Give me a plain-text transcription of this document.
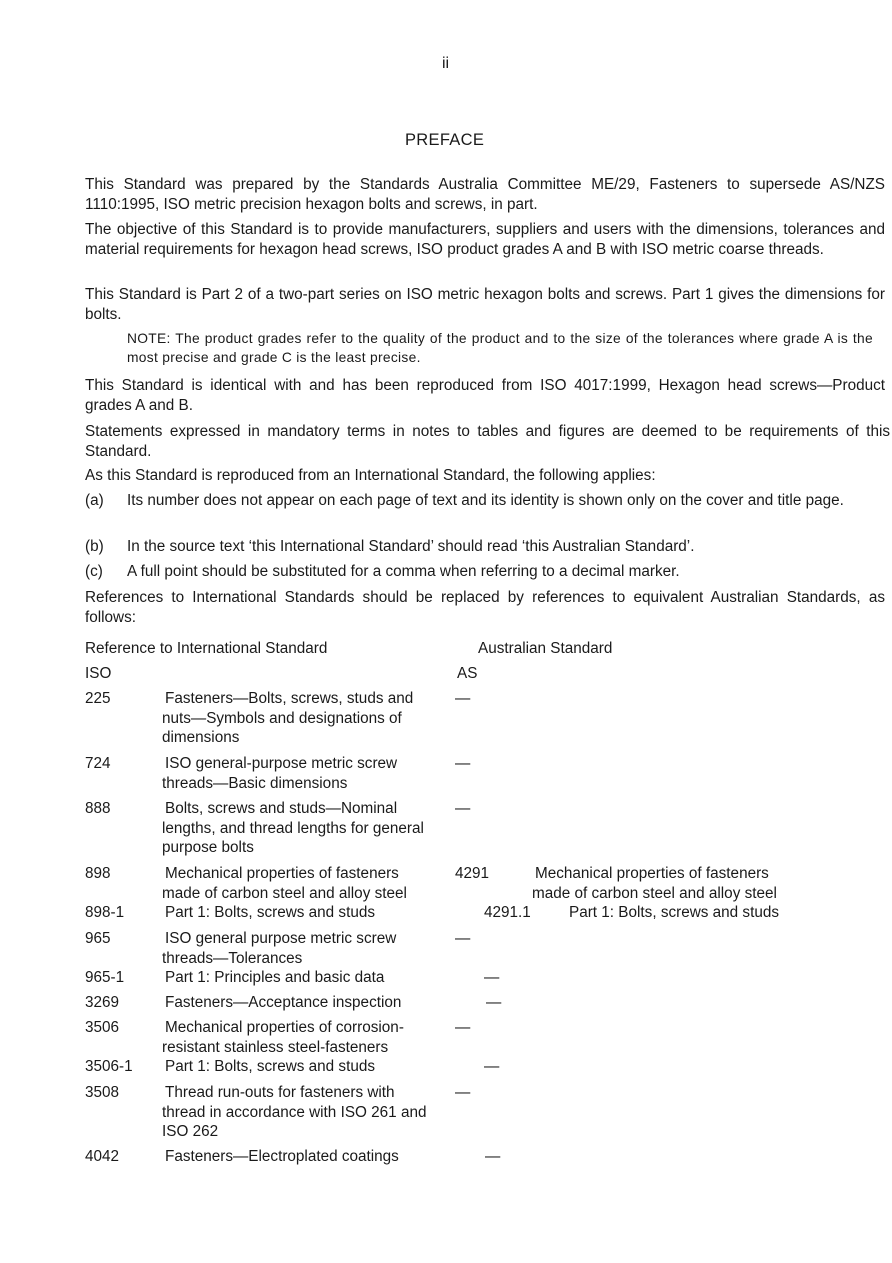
ii
PREFACE
This Standard was prepared by the Standards Australia Committee ME/29, Fasteners to supersede AS/NZS 1110:1995, ISO metric precision hexagon bolts and screws, in part.
The objective of this Standard is to provide manufacturers, suppliers and users with the dimensions, tolerances and material requirements for hexagon head screws, ISO product grades A and B with ISO metric coarse threads.
This Standard is Part 2 of a two-part series on ISO metric hexagon bolts and screws. Part 1 gives the dimensions for bolts.
NOTE: The product grades refer to the quality of the product and to the size of the tolerances where grade A is the most precise and grade C is the least precise.
This Standard is identical with and has been reproduced from ISO 4017:1999, Hexagon head screws—Product grades A and B.
Statements expressed in mandatory terms in notes to tables and figures are deemed to be requirements of this Standard.
As this Standard is reproduced from an International Standard, the following applies:
(a) Its number does not appear on each page of text and its identity is shown only on the cover and title page.
(b) In the source text ‘this International Standard’ should read ‘this Australian Standard’.
(c) A full point should be substituted for a comma when referring to a decimal marker.
References to International Standards should be replaced by references to equivalent Australian Standards, as follows:
Reference to International Standard	Australian Standard
ISO	AS
225	Fasteners—Bolts, screws, studs and
nuts—Symbols and designations of
dimensions
—
724	ISO general-purpose metric screw
threads—Basic dimensions
—
888	Bolts, screws and studs—Nominal
lengths, and thread lengths for general
purpose bolts
—
898	Mechanical properties of fasteners
made of carbon steel and alloy steel
4291	Mechanical properties of fasteners
made of carbon steel and alloy steel
898-1	Part 1: Bolts, screws and studs	4291.1 Part 1: Bolts, screws and studs
965	ISO general purpose metric screw
threads—Tolerances
—
965-1	Part 1: Principles and basic data	—
3269	Fasteners—Acceptance inspection	—
3506	Mechanical properties of corrosion-
resistant stainless steel-fasteners
—
3506-1 Part 1: Bolts, screws and studs	—
3508	Thread run-outs for fasteners with
thread in accordance with ISO 261 and
ISO 262
—
4042	Fasteners—Electroplated coatings	—
